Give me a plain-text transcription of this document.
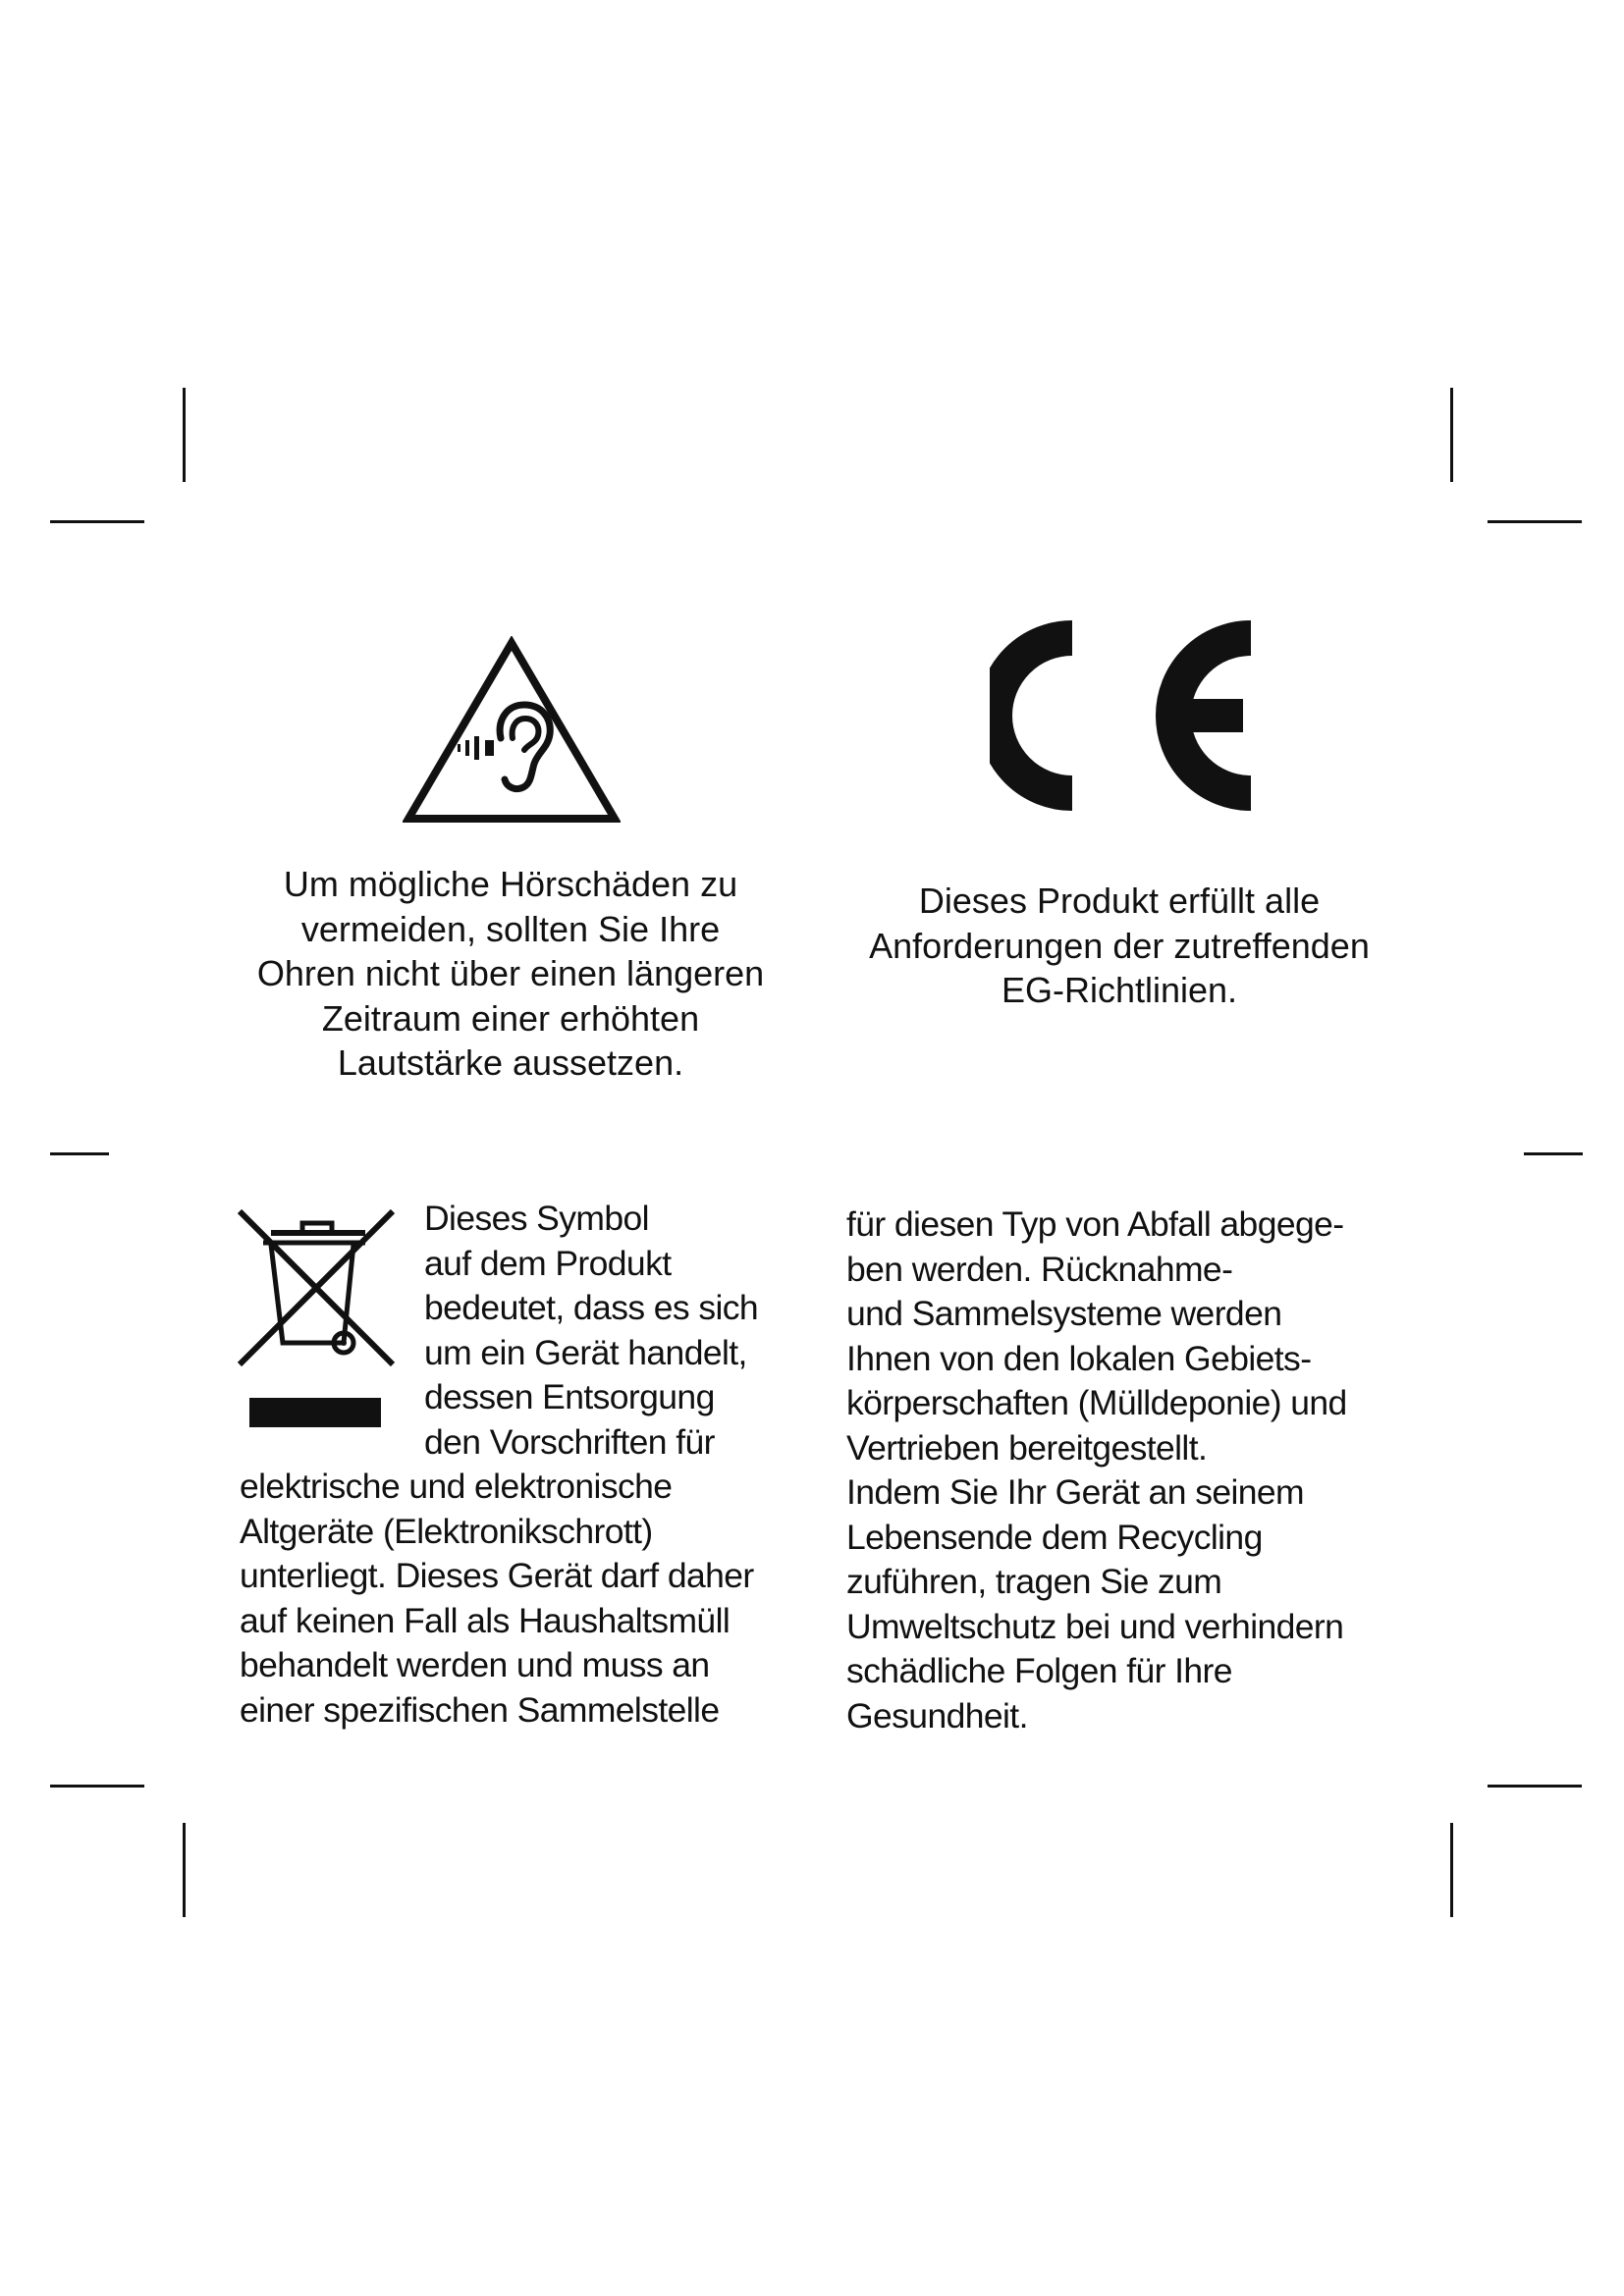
Um mögliche Hörschäden zu
vermeiden, sollten Sie Ihre
Ohren nicht über einen längeren
Zeitraum einer erhöhten
Lautstärke aussetzen.
Dieses Produkt erfüllt alle
Anforderungen der zutreffenden
EG-Richtlinien.
Dieses Symbol
auf dem Produkt
bedeutet, dass es sich
um ein Gerät handelt,
dessen Entsorgung
den Vorschriften für
elektrische und elektronische
Altgeräte (Elektronikschrott)
unterliegt. Dieses Gerät darf daher
auf keinen Fall als Haushaltsmüll
behandelt werden und muss an
einer spezifischen Sammelstelle
für diesen Typ von Abfall abgege-
ben werden. Rücknahme-
und Sammelsysteme werden
Ihnen von den lokalen Gebiets-
körperschaften (Mülldeponie) und
Vertrieben bereitgestellt.
Indem Sie Ihr Gerät an seinem
Lebensende dem Recycling
zuführen, tragen Sie zum
Umweltschutz bei und verhindern
schädliche Folgen für Ihre
Gesundheit.
